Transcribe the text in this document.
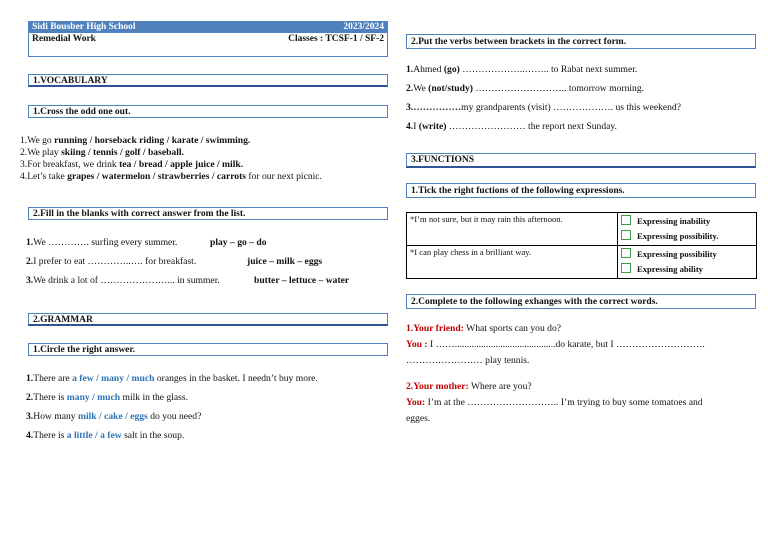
Sidi Bousber High School	2023/2024
Remedial Work	Classes : TCSF-1 / SF-2
1.VOCABULARY
1.Cross the odd one out.
1.We go running / horseback riding / karate / swimming.
2.We play skiing / tennis / golf / baseball.
3.For breakfast, we drink tea / bread / apple juice / milk.
4.Let’s take grapes / watermelon / strawberries / carrots for our next picnic.
2.Fill in the blanks with correct answer from the list.
1.We …………. surfing every summer.	play – go – do
2.I prefer to eat …………..…. for breakfast.	juice – milk – eggs
3.We drink a lot of …………………... in summer.	butter – lettuce – water
2.GRAMMAR
1.Circle the right answer.
1.There are a few / many / much oranges in the basket. I needn’t buy more.
2.There is many / much milk in the glass.
3.How many milk / cake / eggs do you need?
4.There is a little / a few salt in the soup.
2.Put the verbs between brackets in the correct form.
1.Ahmed (go) ………………..…….. to Rabat next summer.
2.We (not/study) ……………………….. tomorrow morning.
3.……………my grandparents (visit) ………………. us this weekend?
4.I (write) …………………… the report next Sunday.
3.FUNCTIONS
1.Tick the right fuctions of the following expressions.
*I’m not sure, but it may rain this afternoon.	Expressing inability
Expressing possibility.

*I can play chess in a brilliant way.	Expressing possibility
Expressing ability
2.Complete to the following exhanges with the correct words.
1.Your friend: What sports can you do?
You : I ……..........................................do karate, but I ……………………….
…………………… play tennis.
2.Your mother: Where are you?
You: I’m at the ……………………….. I’m trying to buy some tomatoes and
egges.
